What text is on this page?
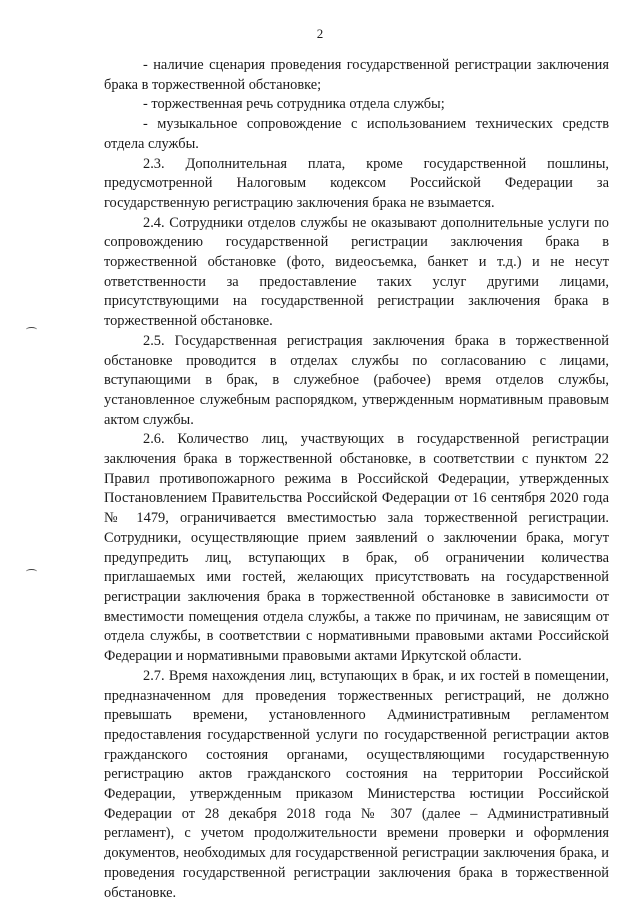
2

- наличие сценария проведения государственной регистрации заключения брака в торжественной обстановке;

- торжественная речь сотрудника отдела службы;

- музыкальное сопровождение с использованием технических средств отдела службы.

2.3. Дополнительная плата, кроме государственной пошлины, предусмотренной Налоговым кодексом Российской Федерации за государственную регистрацию заключения брака не взымается.

2.4. Сотрудники отделов службы не оказывают дополнительные услуги по сопровождению государственной регистрации заключения брака в торжественной обстановке (фото, видеосъемка, банкет и т.д.) и не несут ответственности за предоставление таких услуг другими лицами, присутствующими на государственной регистрации заключения брака в торжественной обстановке.

2.5. Государственная регистрация заключения брака в торжественной обстановке проводится в отделах службы по согласованию с лицами, вступающими в брак, в служебное (рабочее) время отделов службы, установленное служебным распорядком, утвержденным нормативным правовым актом службы.

2.6. Количество лиц, участвующих в государственной регистрации заключения брака в торжественной обстановке, в соответствии с пунктом 22 Правил противопожарного режима в Российской Федерации, утвержденных Постановлением Правительства Российской Федерации от 16 сентября 2020 года № 1479, ограничивается вместимостью зала торжественной регистрации. Сотрудники, осуществляющие прием заявлений о заключении брака, могут предупредить лиц, вступающих в брак, об ограничении количества приглашаемых ими гостей, желающих присутствовать на государственной регистрации заключения брака в торжественной обстановке в зависимости от вместимости помещения отдела службы, а также по причинам, не зависящим от отдела службы, в соответствии с нормативными правовыми актами Российской Федерации и нормативными правовыми актами Иркутской области.

2.7. Время нахождения лиц, вступающих в брак, и их гостей в помещении, предназначенном для проведения торжественных регистраций, не должно превышать времени, установленного Административным регламентом предоставления государственной услуги по государственной регистрации актов гражданского состояния органами, осуществляющими государственную регистрацию актов гражданского состояния на территории Российской Федерации, утвержденным приказом Министерства юстиции Российской Федерации от 28 декабря 2018 года № 307 (далее – Административный регламент), с учетом продолжительности времени проверки и оформления документов, необходимых для государственной регистрации заключения брака, и проведения государственной регистрации заключения брака в торжественной обстановке.
